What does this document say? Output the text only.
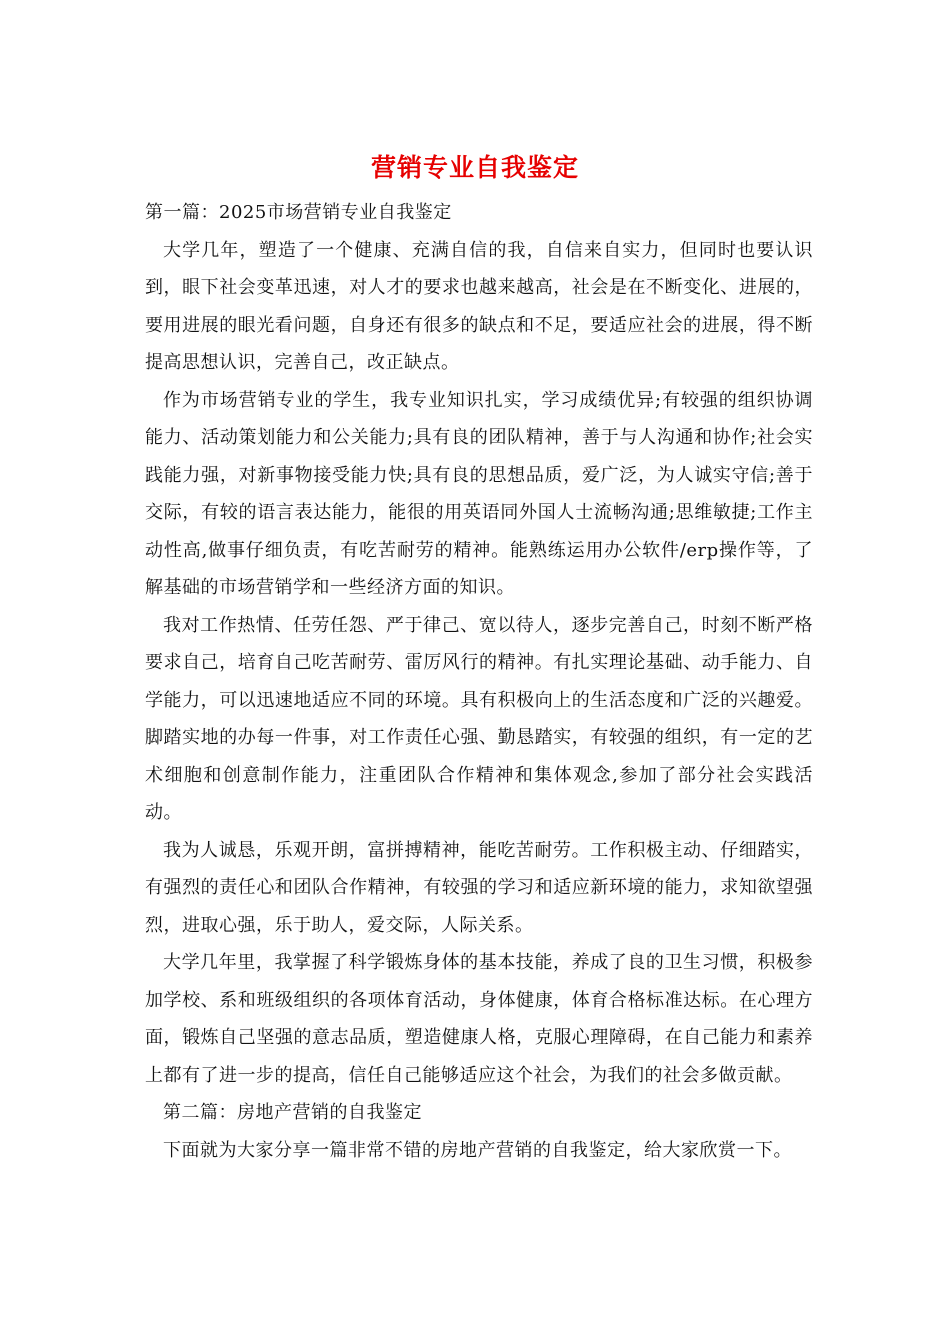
营销专业自我鉴定

第一篇：2025市场营销专业自我鉴定

大学几年，塑造了一个健康、充满自信的我，自信来自实力，但同时也要认识到，眼下社会变革迅速，对人才的要求也越来越高，社会是在不断变化、进展的，要用进展的眼光看问题，自身还有很多的缺点和不足，要适应社会的进展，得不断提高思想认识，完善自己，改正缺点。

作为市场营销专业的学生，我专业知识扎实，学习成绩优异;有较强的组织协调能力、活动策划能力和公关能力;具有良的团队精神，善于与人沟通和协作;社会实践能力强，对新事物接受能力快;具有良的思想品质，爱广泛，为人诚实守信;善于交际，有较的语言表达能力，能很的用英语同外国人士流畅沟通;思维敏捷;工作主动性高,做事仔细负责，有吃苦耐劳的精神。能熟练运用办公软件/erp操作等，了解基础的市场营销学和一些经济方面的知识。

我对工作热情、任劳任怨、严于律己、宽以待人，逐步完善自己，时刻不断严格要求自己，培育自己吃苦耐劳、雷厉风行的精神。有扎实理论基础、动手能力、自学能力，可以迅速地适应不同的环境。具有积极向上的生活态度和广泛的兴趣爱。脚踏实地的办每一件事，对工作责任心强、勤恳踏实，有较强的组织，有一定的艺术细胞和创意制作能力，注重团队合作精神和集体观念,参加了部分社会实践活动。

我为人诚恳，乐观开朗，富拼搏精神，能吃苦耐劳。工作积极主动、仔细踏实，有强烈的责任心和团队合作精神，有较强的学习和适应新环境的能力，求知欲望强烈，进取心强，乐于助人，爱交际，人际关系。

大学几年里，我掌握了科学锻炼身体的基本技能，养成了良的卫生习惯，积极参加学校、系和班级组织的各项体育活动，身体健康，体育合格标准达标。在心理方面，锻炼自己坚强的意志品质，塑造健康人格，克服心理障碍，在自己能力和素养上都有了进一步的提高，信任自己能够适应这个社会，为我们的社会多做贡献。

第二篇：房地产营销的自我鉴定

下面就为大家分享一篇非常不错的房地产营销的自我鉴定，给大家欣赏一下。
